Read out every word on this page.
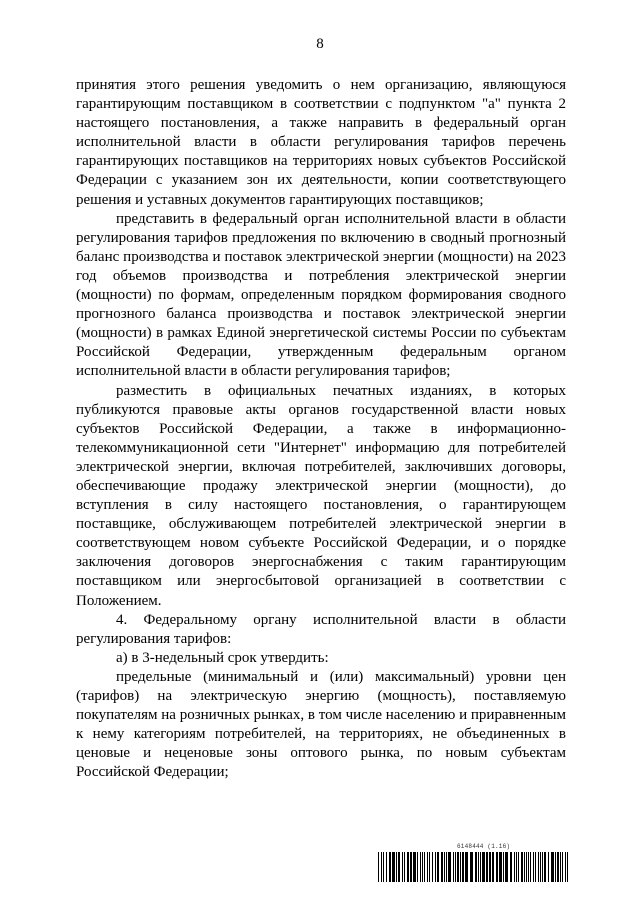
8

принятия этого решения уведомить о нем организацию, являющуюся гарантирующим поставщиком в соответствии с подпунктом "а" пункта 2 настоящего постановления, а также направить в федеральный орган исполнительной власти в области регулирования тарифов перечень гарантирующих поставщиков на территориях новых субъектов Российской Федерации с указанием зон их деятельности, копии соответствующего решения и уставных документов гарантирующих поставщиков;

представить в федеральный орган исполнительной власти в области регулирования тарифов предложения по включению в сводный прогнозный баланс производства и поставок электрической энергии (мощности) на 2023 год объемов производства и потребления электрической энергии (мощности) по формам, определенным порядком формирования сводного прогнозного баланса производства и поставок электрической энергии (мощности) в рамках Единой энергетической системы России по субъектам Российской Федерации, утвержденным федеральным органом исполнительной власти в области регулирования тарифов;

разместить в официальных печатных изданиях, в которых публикуются правовые акты органов государственной власти новых субъектов Российской Федерации, а также в информационно-телекоммуникационной сети "Интернет" информацию для потребителей электрической энергии, включая потребителей, заключивших договоры, обеспечивающие продажу электрической энергии (мощности), до вступления в силу настоящего постановления, о гарантирующем поставщике, обслуживающем потребителей электрической энергии в соответствующем новом субъекте Российской Федерации, и о порядке заключения договоров энергоснабжения с таким гарантирующим поставщиком или энергосбытовой организацией в соответствии с Положением.

4. Федеральному органу исполнительной власти в области регулирования тарифов:

а) в 3-недельный срок утвердить:

предельные (минимальный и (или) максимальный) уровни цен (тарифов) на электрическую энергию (мощность), поставляемую покупателям на розничных рынках, в том числе населению и приравненным к нему категориям потребителей, на территориях, не объединенных в ценовые и неценовые зоны оптового рынка, по новым субъектам Российской Федерации;

6148444 (1.16)
